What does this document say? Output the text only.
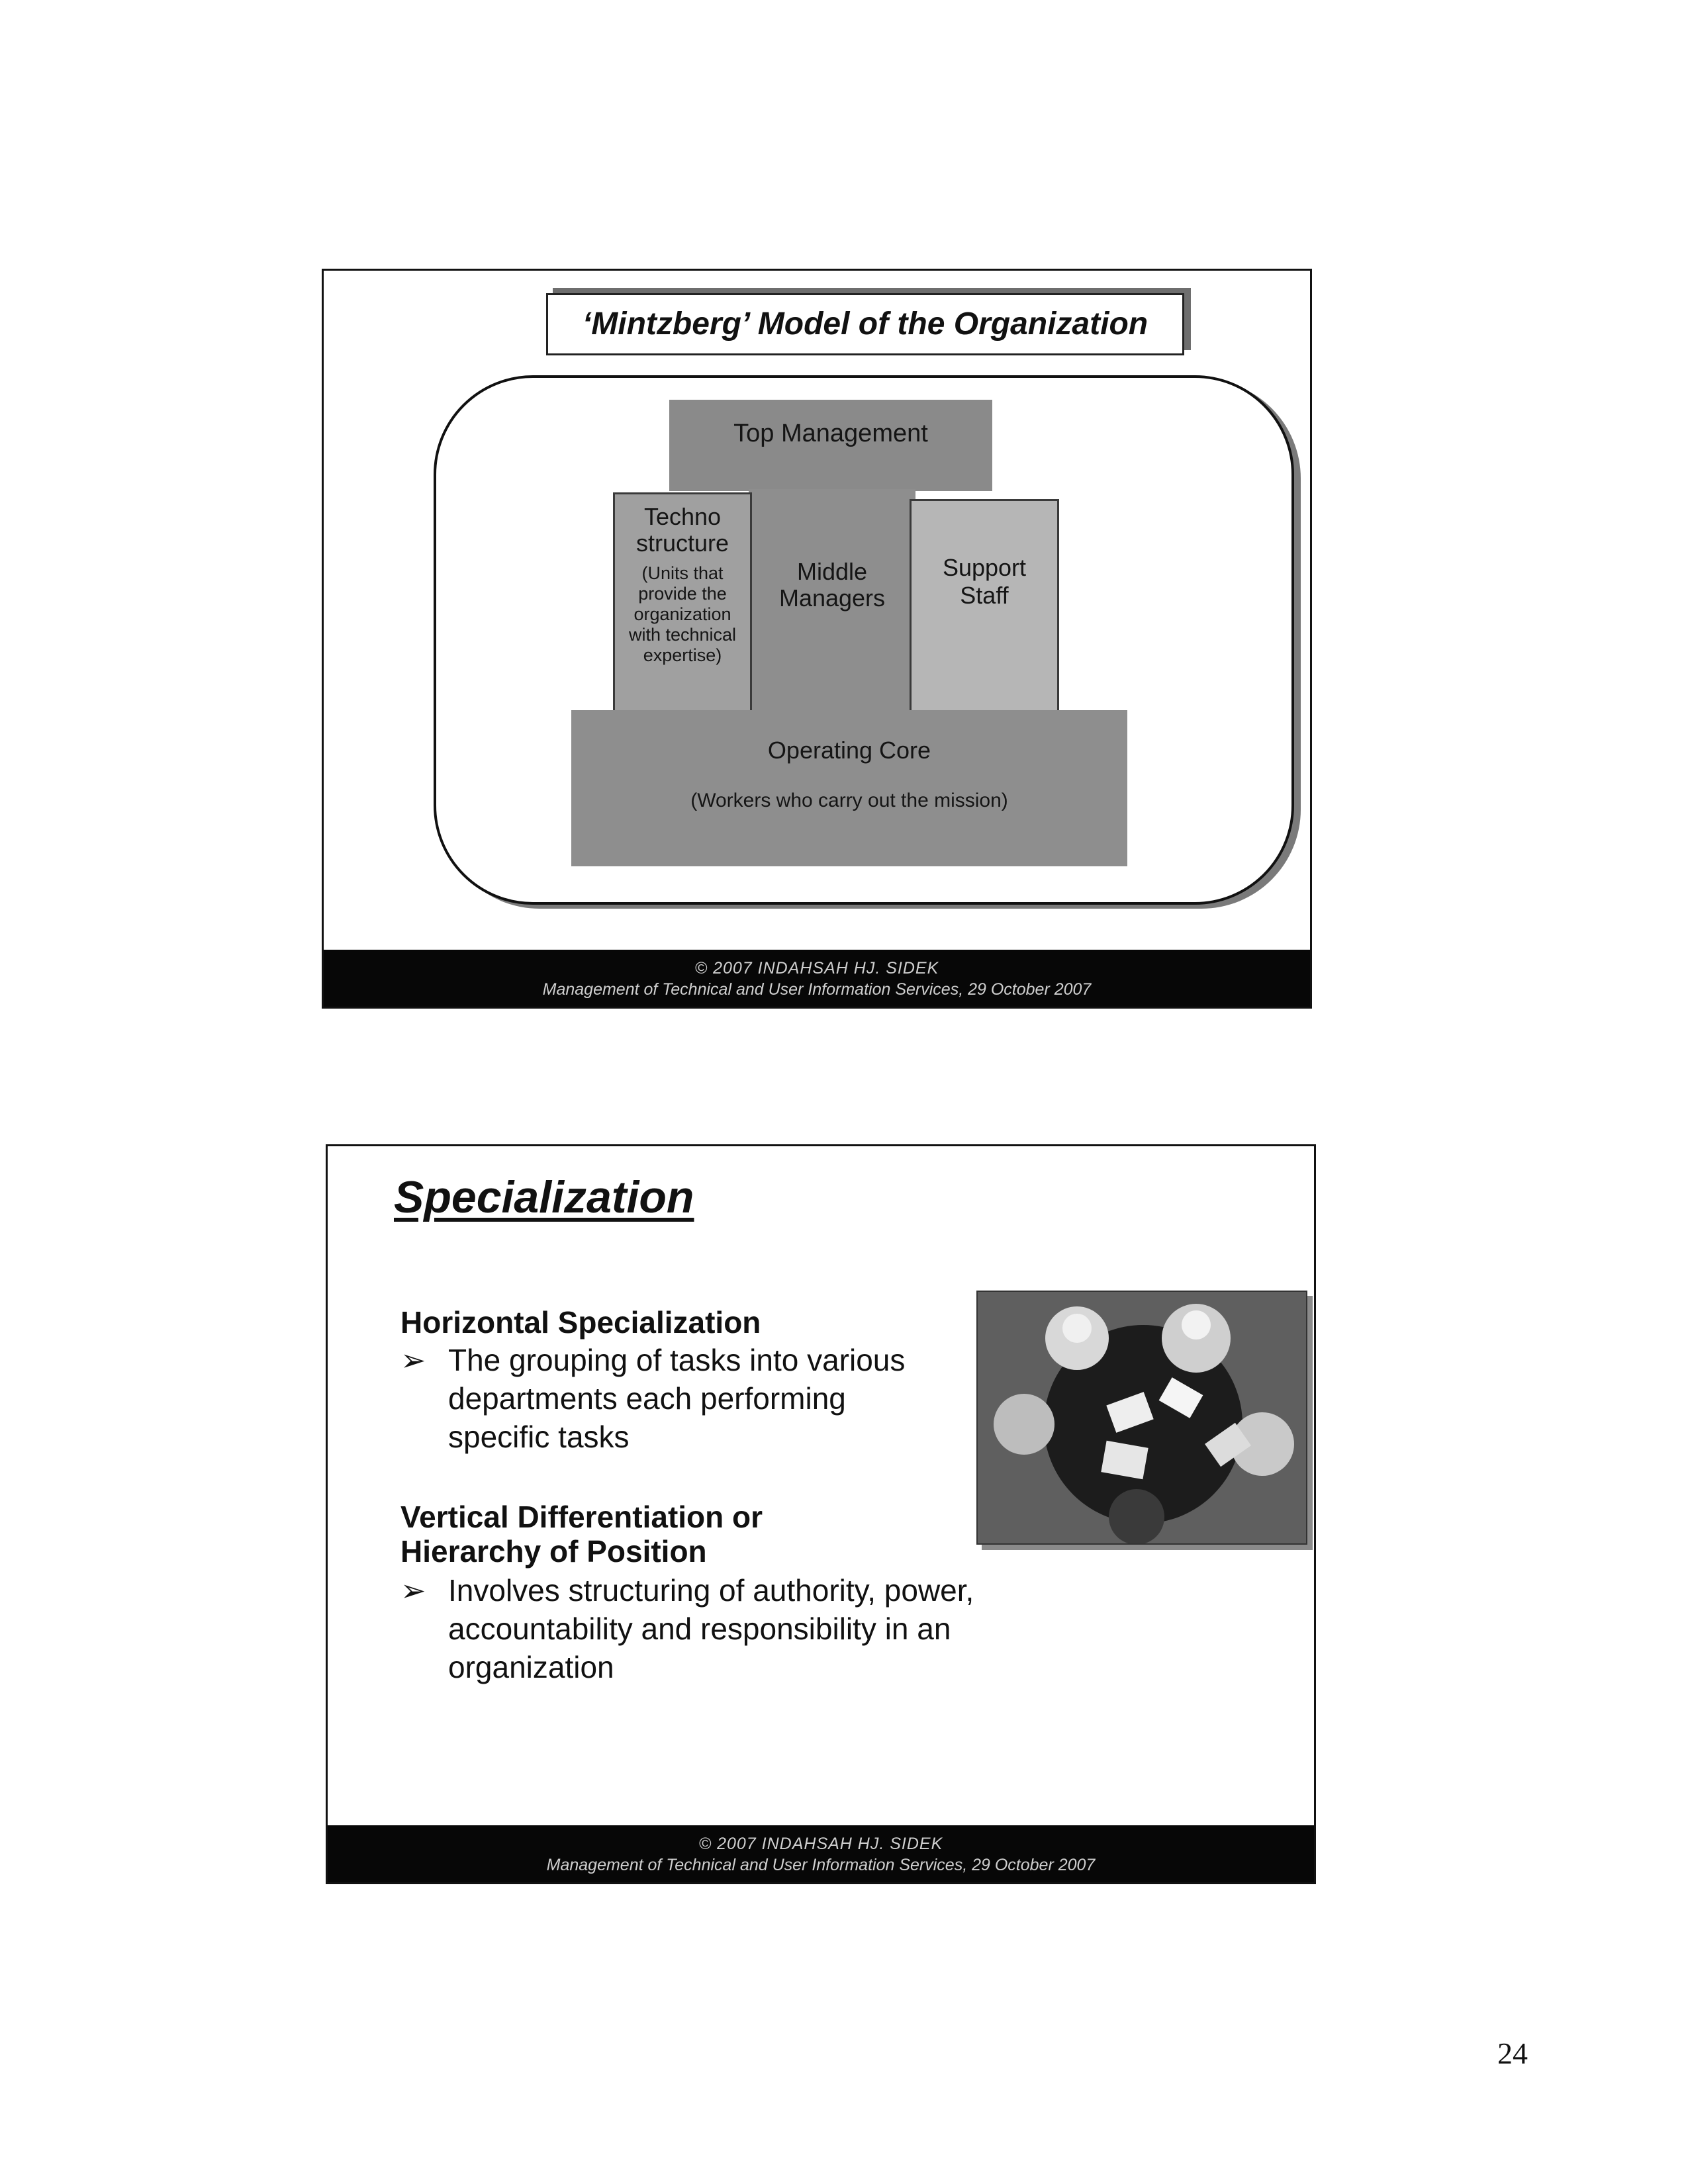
‘Mintzberg’ Model of the Organization
Top Management
Middle
Managers
Techno
structure
(Units that
provide the
organization
with technical
expertise)
Support
Staff
Operating Core
(Workers who carry out the mission)
© 2007 INDAHSAH HJ. SIDEK
Management of Technical and User Information Services, 29 October 2007
Specialization
Horizontal Specialization
➢ The grouping of tasks into various
departments each performing
specific tasks
Vertical Differentiation or
Hierarchy of Position
➢ Involves structuring of authority, power,
accountability and responsibility in an
organization
© 2007 INDAHSAH HJ. SIDEK
Management of Technical and User Information Services, 29 October 2007
24
